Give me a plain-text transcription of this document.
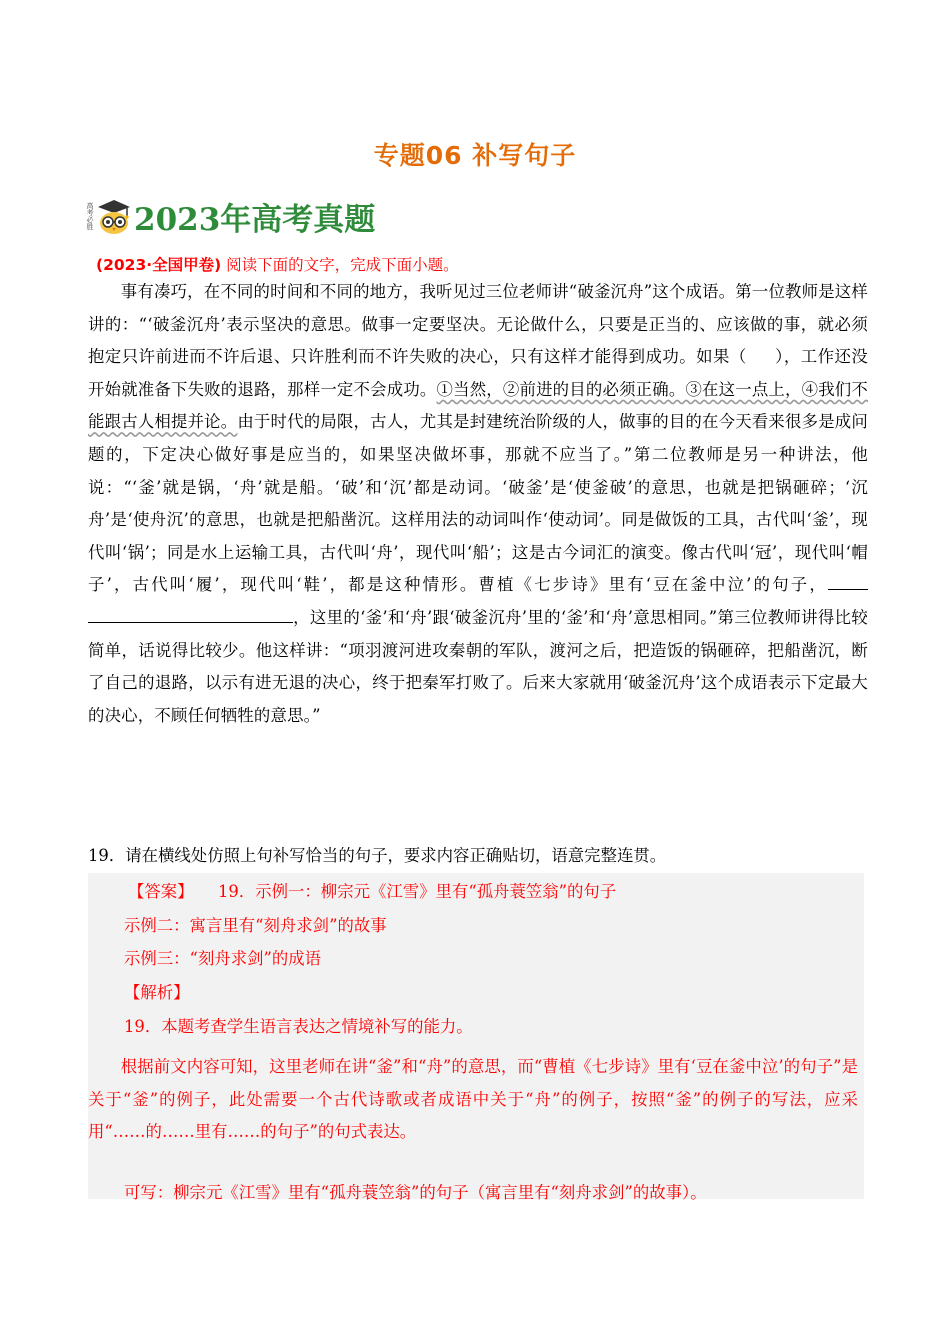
专题06 补写句子
高考必胜 2023年高考真题
(2023·全国甲卷) 阅读下面的文字，完成下面小题。

事有凑巧，在不同的时间和不同的地方，我听见过三位老师讲“破釜沉舟”这个成语。第一位教师是这样讲的：“‘破釜沉舟’表示坚决的意思。做事一定要坚决。无论做什么，只要是正当的、应该做的事，就必须抱定只许前进而不许后退、只许胜利而不许失败的决心，只有这样才能得到成功。如果（ ），工作还没开始就准备下失败的退路，那样一定不会成功。①当然，②前进的目的必须正确。③在这一点上，④我们不能跟古人相提并论。由于时代的局限，古人，尤其是封建统治阶级的人，做事的目的在今天看来很多是成问题的，下定决心做好事是应当的，如果坚决做坏事，那就不应当了。”第二位教师是另一种讲法，他说：“‘釜’就是锅，‘舟’就是船。‘破’和‘沉’都是动词。‘破釜’是‘使釜破’的意思，也就是把锅砸碎；‘沉舟’是‘使舟沉’的意思，也就是把船凿沉。这样用法的动词叫作‘使动词’。同是做饭的工具，古代叫‘釜’，现代叫‘锅’；同是水上运输工具，古代叫‘舟’，现代叫‘船’；这是古今词汇的演变。像古代叫‘冠’，现代叫‘帽子’，古代叫‘履’，现代叫‘鞋’，都是这种情形。曹植《七步诗》里有‘豆在釜中泣’的句子，，这里的‘釜’和‘舟’跟‘破釜沉舟’里的‘釜’和‘舟’意思相同。”第三位教师讲得比较简单，话说得比较少。他这样讲：“项羽渡河进攻秦朝的军队，渡河之后，把造饭的锅砸碎，把船凿沉，断了自己的退路，以示有进无退的决心，终于把秦军打败了。后来大家就用‘破釜沉舟’这个成语表示下定最大的决心，不顾任何牺牲的意思。”

19．请在横线处仿照上句补写恰当的句子，要求内容正确贴切，语意完整连贯。
【答案】 19．示例一：柳宗元《江雪》里有“孤舟蓑笠翁”的句子
示例二：寓言里有“刻舟求剑”的故事
示例三：“刻舟求剑”的成语
【解析】
19．本题考查学生语言表达之情境补写的能力。
根据前文内容可知，这里老师在讲“釜”和“舟”的意思，而“曹植《七步诗》里有‘豆在釜中泣’的句子”是关于“釜”的例子，此处需要一个古代诗歌或者成语中关于“舟”的例子，按照“釜”的例子的写法，应采用“……的……里有……的句子”的句式表达。
可写：柳宗元《江雪》里有“孤舟蓑笠翁”的句子（寓言里有“刻舟求剑”的故事）。
